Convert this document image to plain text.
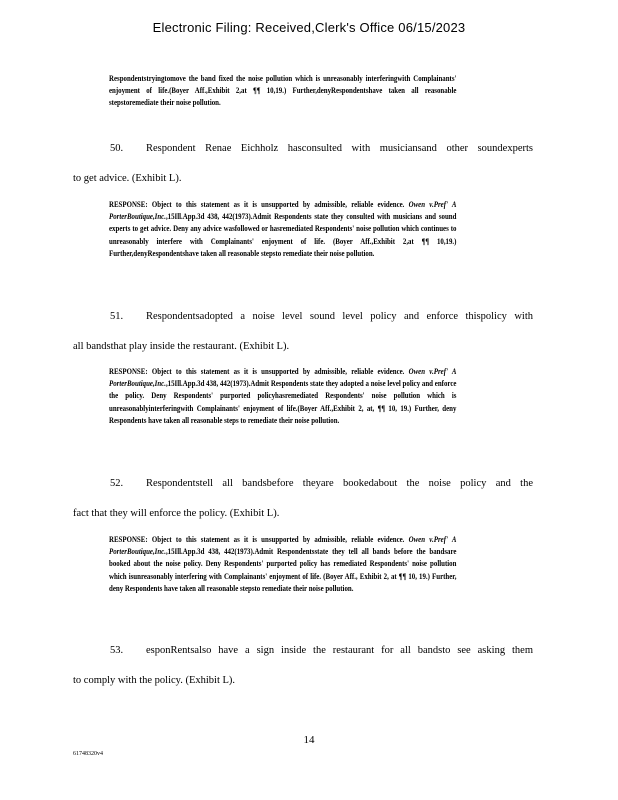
Electronic Filing: Received,Clerk's Office 06/15/2023
Respondentstryingtomove the band fixed the noise pollution which is unreasonably interferingwith Complainants' enjoyment of life.(Boyer Aff.,Exhibit 2,at ¶¶ 10,19.) Further,denyRespondentshave taken all reasonable stepstoremediate their noise pollution.
50. Respondent Renae Eichholz hasconsulted with musiciansand other soundexperts
to get advice. (Exhibit L).
RESPONSE: Object to this statement as it is unsupported by admissible, reliable evidence. Owen v.Pref' A PorterBoutique,Inc.,15Ill.App.3d 438, 442(1973).Admit Respondents state they consulted with musicians and sound experts to get advice. Deny any advice wasfollowed or hasremediated Respondents' noise pollution which continues to unreasonably interfere with Complainants' enjoyment of life. (Boyer Aff.,Exhibit 2,at ¶¶ 10,19.) Further,denyRespondentshave taken all reasonable stepsto remediate their noise pollution.
51. Respondentsadopted a noise level sound level policy and enforce thispolicy with
all bandsthat play inside the restaurant. (Exhibit L).
RESPONSE: Object to this statement as it is unsupported by admissible, reliable evidence. Owen v.Pref' A PorterBoutique,Inc.,15Ill.App.3d 438, 442(1973).Admit Respondents state they adopted a noise level policy and enforce the policy. Deny Respondents' purported policyhasremediated Respondents' noise pollution which is unreasonablyinterferingwith Complainants' enjoyment of life.(Boyer Aff.,Exhibit 2, at, ¶¶ 10, 19.) Further, deny Respondents have taken all reasonable steps to remediate their noise pollution.
52. Respondentstell all bandsbefore theyare bookedabout the noise policy and the
fact that they will enforce the policy. (Exhibit L).
RESPONSE: Object to this statement as it is unsupported by admissible, reliable evidence. Owen v.Pref' A PorterBoutique,Inc.,15Ill.App.3d 438, 442(1973).Admit Respondentsstate they tell all bands before the bandsare booked about the noise policy. Deny Respondents' purported policy has remediated Respondents' noise pollution which isunreasonably interfering with Complainants' enjoyment of life. (Boyer Aff., Exhibit 2, at ¶¶ 10, 19.) Further, deny Respondents have taken all reasonable stepsto remediate their noise pollution.
53. esponRentsalso have a sign inside the restaurant for all bandsto see asking them
to comply with the policy. (Exhibit L).
14
61748320v4
